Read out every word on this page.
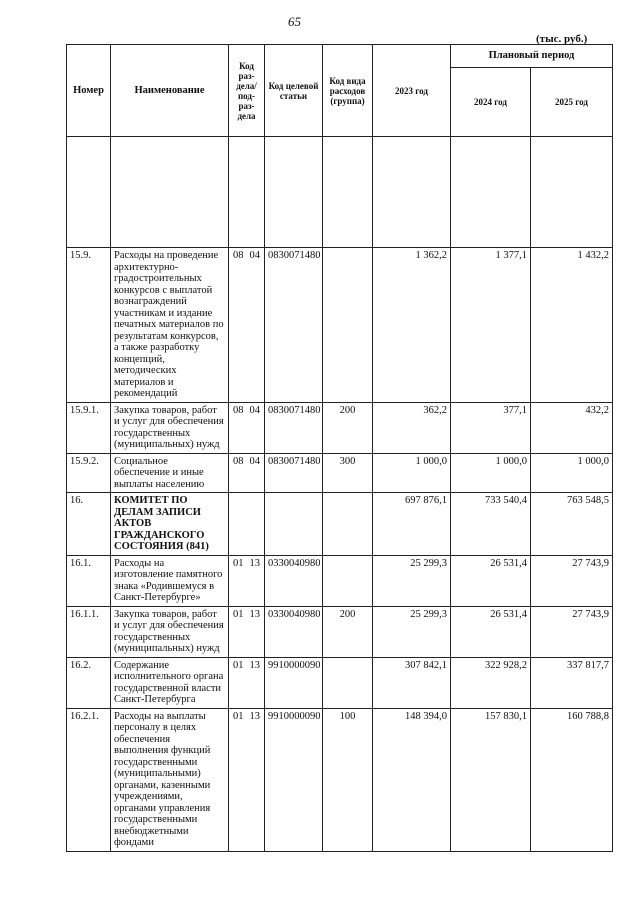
65
(тыс. руб.)
Номер	Наименование	Код раз-дела/ под-раз-дела	Код целевой статьи	Код вида расходов (группа)	2023 год	Плановый период	
						2024 год	2025 год

15.9.	Расходы на проведение архитектурно-градостроительных конкурсов с выплатой вознаграждений участникам и издание печатных материалов по результатам конкурсов, а также разработку концепций, методических материалов и рекомендаций	08 04	0830071480		1 362,2	1 377,1	1 432,2
15.9.1.	Закупка товаров, работ и услуг для обеспечения государственных (муниципальных) нужд	08 04	0830071480	200	362,2	377,1	432,2
15.9.2.	Социальное обеспечение и иные выплаты населению	08 04	0830071480	300	1 000,0	1 000,0	1 000,0
16.	КОМИТЕТ ПО ДЕЛАМ ЗАПИСИ АКТОВ ГРАЖДАНСКОГО СОСТОЯНИЯ (841)				697 876,1	733 540,4	763 548,5
16.1.	Расходы на изготовление памятного знака «Родившемуся в Санкт-Петербурге»	01 13	0330040980		25 299,3	26 531,4	27 743,9
16.1.1.	Закупка товаров, работ и услуг для обеспечения государственных (муниципальных) нужд	01 13	0330040980	200	25 299,3	26 531,4	27 743,9
16.2.	Содержание исполнительного органа государственной власти Санкт-Петербурга	01 13	9910000090		307 842,1	322 928,2	337 817,7
16.2.1.	Расходы на выплаты персоналу в целях обеспечения выполнения функций государственными (муниципальными) органами, казенными учреждениями, органами управления государственными внебюджетными фондами	01 13	9910000090	100	148 394,0	157 830,1	160 788,8
